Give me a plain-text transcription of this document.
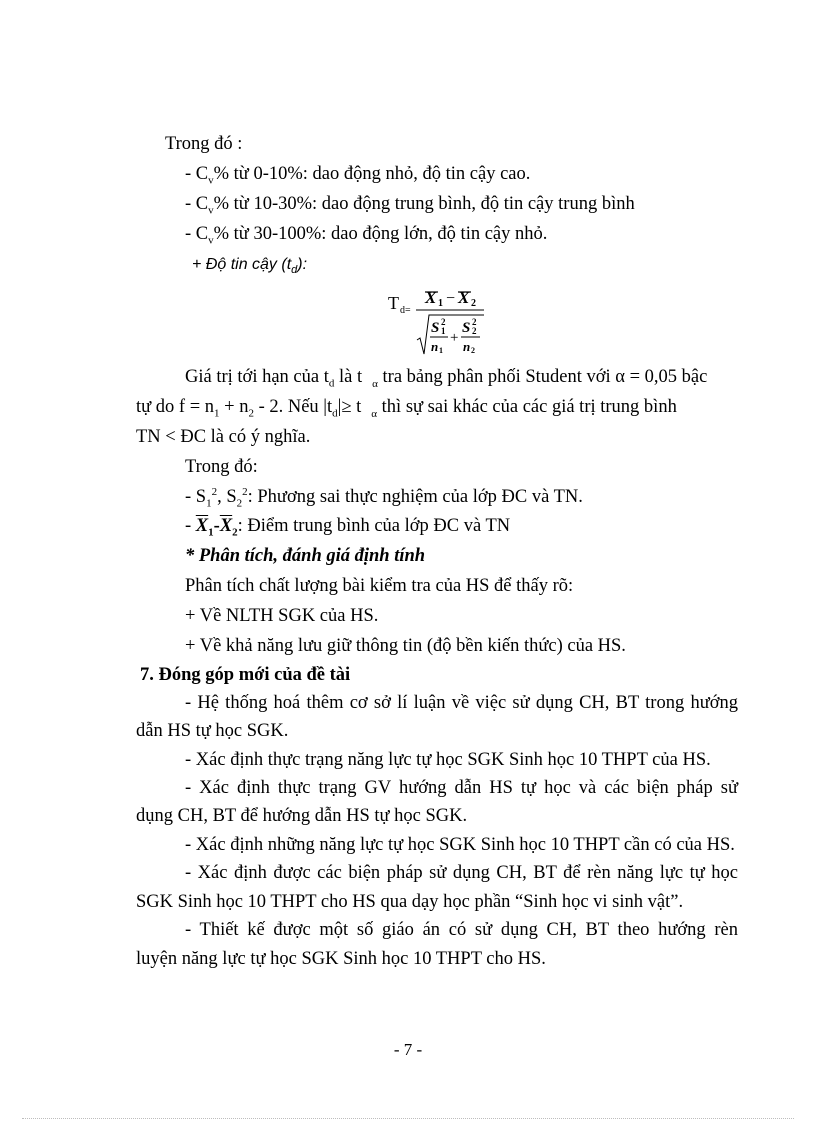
Trong đó :
- $C_v\%$ từ 0-10%: dao động nhỏ, độ tin cậy cao.
- $C_v\%$ từ 10-30%: dao động trung bình, độ tin cậy trung bình
- $C_v\%$ từ 30-100%: dao động lớn, độ tin cậy nhỏ.
+ Độ tin cậy $(t_d)$:
T d=
X 1 − X 2
S 1
2
n 1
+
S 2
2
n 2
Giá trị tới hạn của $t_d$ là t $_\alpha$ tra bảng phân phối Student với α = 0,05 bậc
tự do $f = n_1 + n_2 - 2$. Nếu $|t_d|\ge t$ $_\alpha$ thì sự sai khác của các giá trị trung bình
TN < ĐC là có ý nghĩa.
Trong đó:
- $S_1^2$, $S_2^2$: Phương sai thực nghiệm của lớp ĐC và TN.
- $\overline{X}_1-\overline{X}_2$: Điểm trung bình của lớp ĐC và TN
* Phân tích, đánh giá định tính
Phân tích chất lượng bài kiểm tra của HS để thấy rõ:
+ Về NLTH SGK của HS.
+ Về khả năng lưu giữ thông tin (độ bền kiến thức) của HS.
7. Đóng góp mới của đề tài
- Hệ thống hoá thêm cơ sở lí luận về việc sử dụng CH, BT trong hướng
dẫn HS tự học SGK.
- Xác định thực trạng năng lực tự học SGK Sinh học 10 THPT của HS.
- Xác định thực trạng GV hướng dẫn HS tự học và các biện pháp sử
dụng CH, BT để hướng dẫn HS tự học SGK.
- Xác định những năng lực tự học SGK Sinh học 10 THPT cần có của HS.
- Xác định được các biện pháp sử dụng CH, BT để rèn năng lực tự học
SGK Sinh học 10 THPT cho HS qua dạy học phần “Sinh học vi sinh vật”.
- Thiết kế được một số giáo án có sử dụng CH, BT theo hướng rèn
luyện năng lực tự học SGK Sinh học 10 THPT cho HS.
- 7 -
